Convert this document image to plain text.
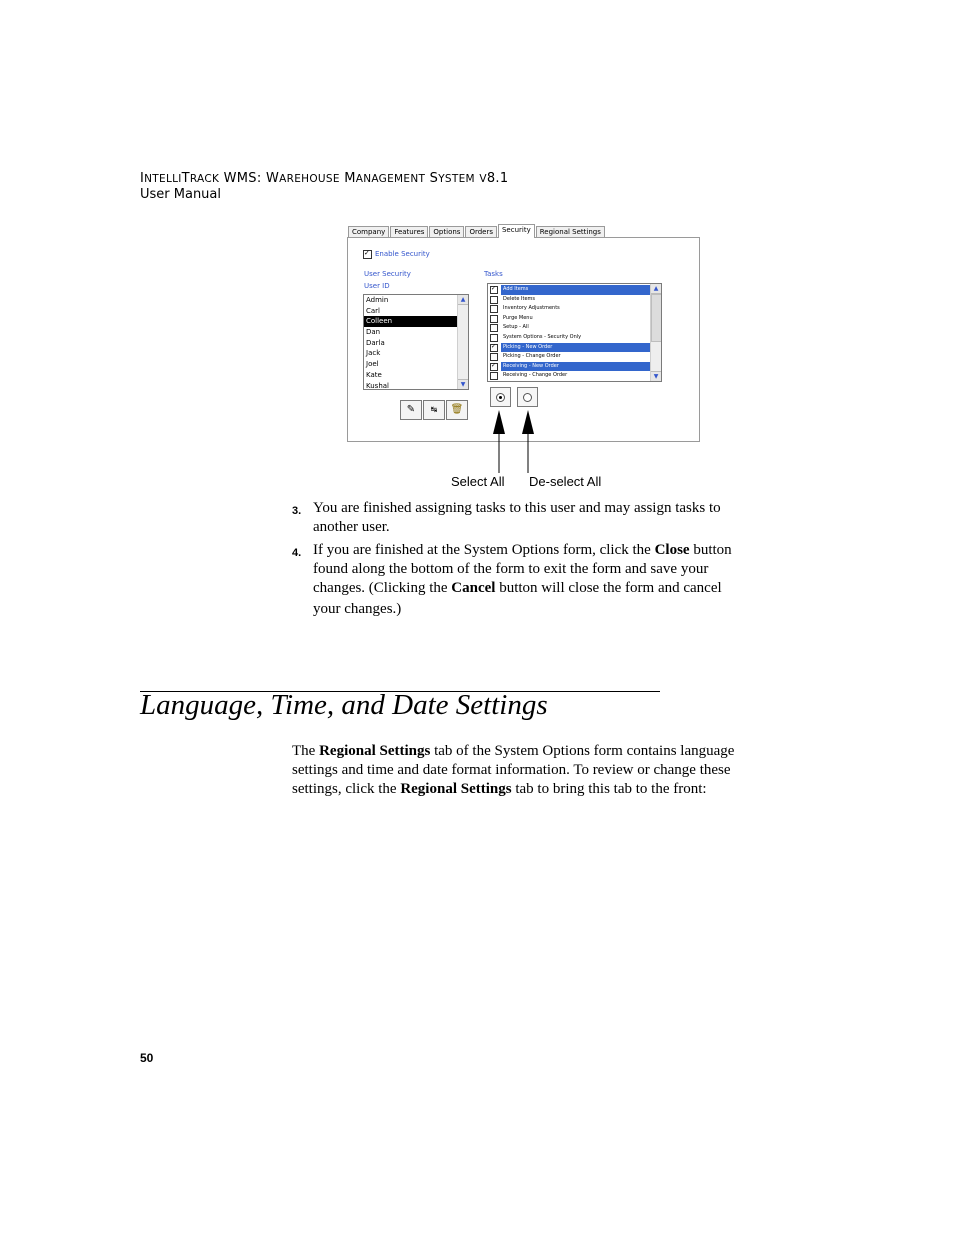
INTELLITRACK WMS: WAREHOUSE MANAGEMENT SYSTEM V8.1
User Manual
Company	Features	Options	Orders	Security	Regional Settings
✓
Enable Security
User Security
User ID
Tasks
Admin
Carl
Colleen
Dan
Darla
Jack
Joel
Kate
Kushal
▲
▼
✓
Add Items
Delete Items
Inventory Adjustments
Purge Menu
Setup - All
System Options - Security Only
✓
Picking - New Order
Picking - Change Order
✓
Receiving - New Order
Receiving - Change Order
▲
▼
✎	↹	🗑
Select All De-select All
3. You are finished assigning tasks to this user and may assign tasks to
another user.
4. If you are finished at the System Options form, click the Close button
found along the bottom of the form to exit the form and save your
changes. (Clicking the Cancel button will close the form and cancel
your changes.)
Language, Time, and Date Settings
The Regional Settings tab of the System Options form contains language
settings and time and date format information. To review or change these
settings, click the Regional Settings tab to bring this tab to the front:
50
